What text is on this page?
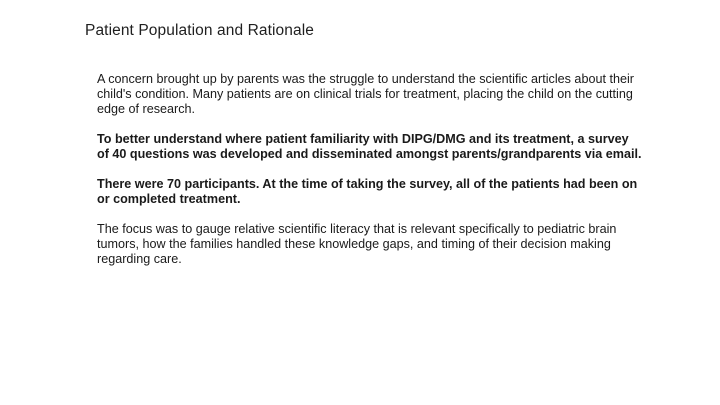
Patient Population and Rationale

A concern brought up by parents was the struggle to understand the scientific articles about their child's condition. Many patients are on clinical trials for treatment, placing the child on the cutting edge of research.

To better understand where patient familiarity with DIPG/DMG and its treatment, a survey of 40 questions was developed and disseminated amongst parents/grandparents via email.

There were 70 participants. At the time of taking the survey, all of the patients had been on or completed treatment.

The focus was to gauge relative scientific literacy that is relevant specifically to pediatric brain tumors, how the families handled these knowledge gaps, and timing of their decision making regarding care.
